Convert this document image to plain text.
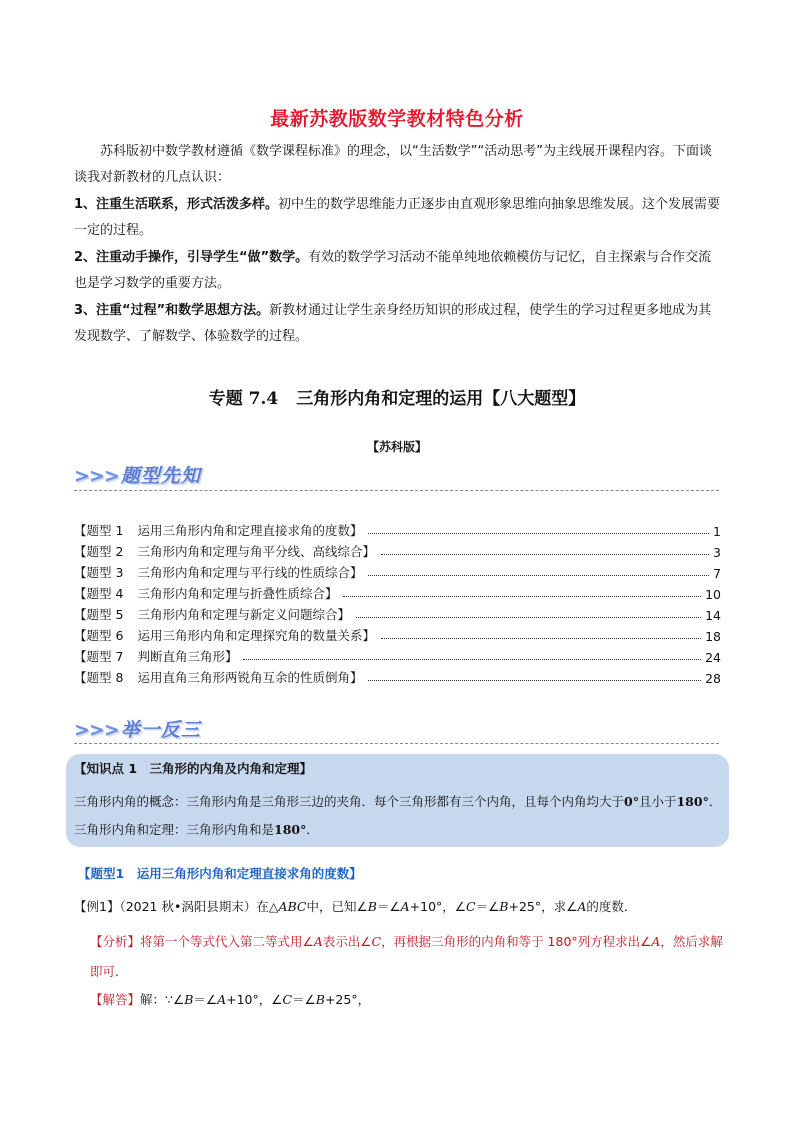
最新苏教版数学教材特色分析
苏科版初中数学教材遵循《数学课程标准》的理念，以“生活数学”“活动思考”为主线展开课程内容。下面谈谈我对新教材的几点认识：
1、注重生活联系，形式活泼多样。初中生的数学思维能力正逐步由直观形象思维向抽象思维发展。这个发展需要一定的过程。
2、注重动手操作，引导学生“做”数学。有效的数学学习活动不能单纯地依赖模仿与记忆，自主探索与合作交流也是学习数学的重要方法。
3、注重“过程”和数学思想方法。新教材通过让学生亲身经历知识的形成过程，使学生的学习过程更多地成为其发现数学、了解数学、体验数学的过程。
专题 7.4 三角形内角和定理的运用【八大题型】
【苏科版】
>>> 题型先知
【题型 1 运用三角形内角和定理直接求角的度数】	1
【题型 2 三角形内角和定理与角平分线、高线综合】	3
【题型 3 三角形内角和定理与平行线的性质综合】	7
【题型 4 三角形内角和定理与折叠性质综合】	10
【题型 5 三角形内角和定理与新定义问题综合】	14
【题型 6 运用三角形内角和定理探究角的数量关系】	18
【题型 7 判断直角三角形】	24
【题型 8 运用直角三角形两锐角互余的性质倒角】	28
>>> 举一反三
【知识点 1　三角形的内角及内角和定理】
三角形内角的概念：三角形内角是三角形三边的夹角．每个三角形都有三个内角，且每个内角均大于0°且小于180°．三角形内角和定理：三角形内角和是180°．
【题型1　运用三角形内角和定理直接求角的度数】
【例1】（2021 秋•涡阳县期末）在△ABC中，已知∠B＝∠A+10°，∠C＝∠B+25°，求∠A的度数．
【分析】将第一个等式代入第二等式用∠A表示出∠C，再根据三角形的内角和等于 180°列方程求出∠A，然后求解即可．
【解答】解：∵∠B＝∠A+10°，∠C＝∠B+25°，
